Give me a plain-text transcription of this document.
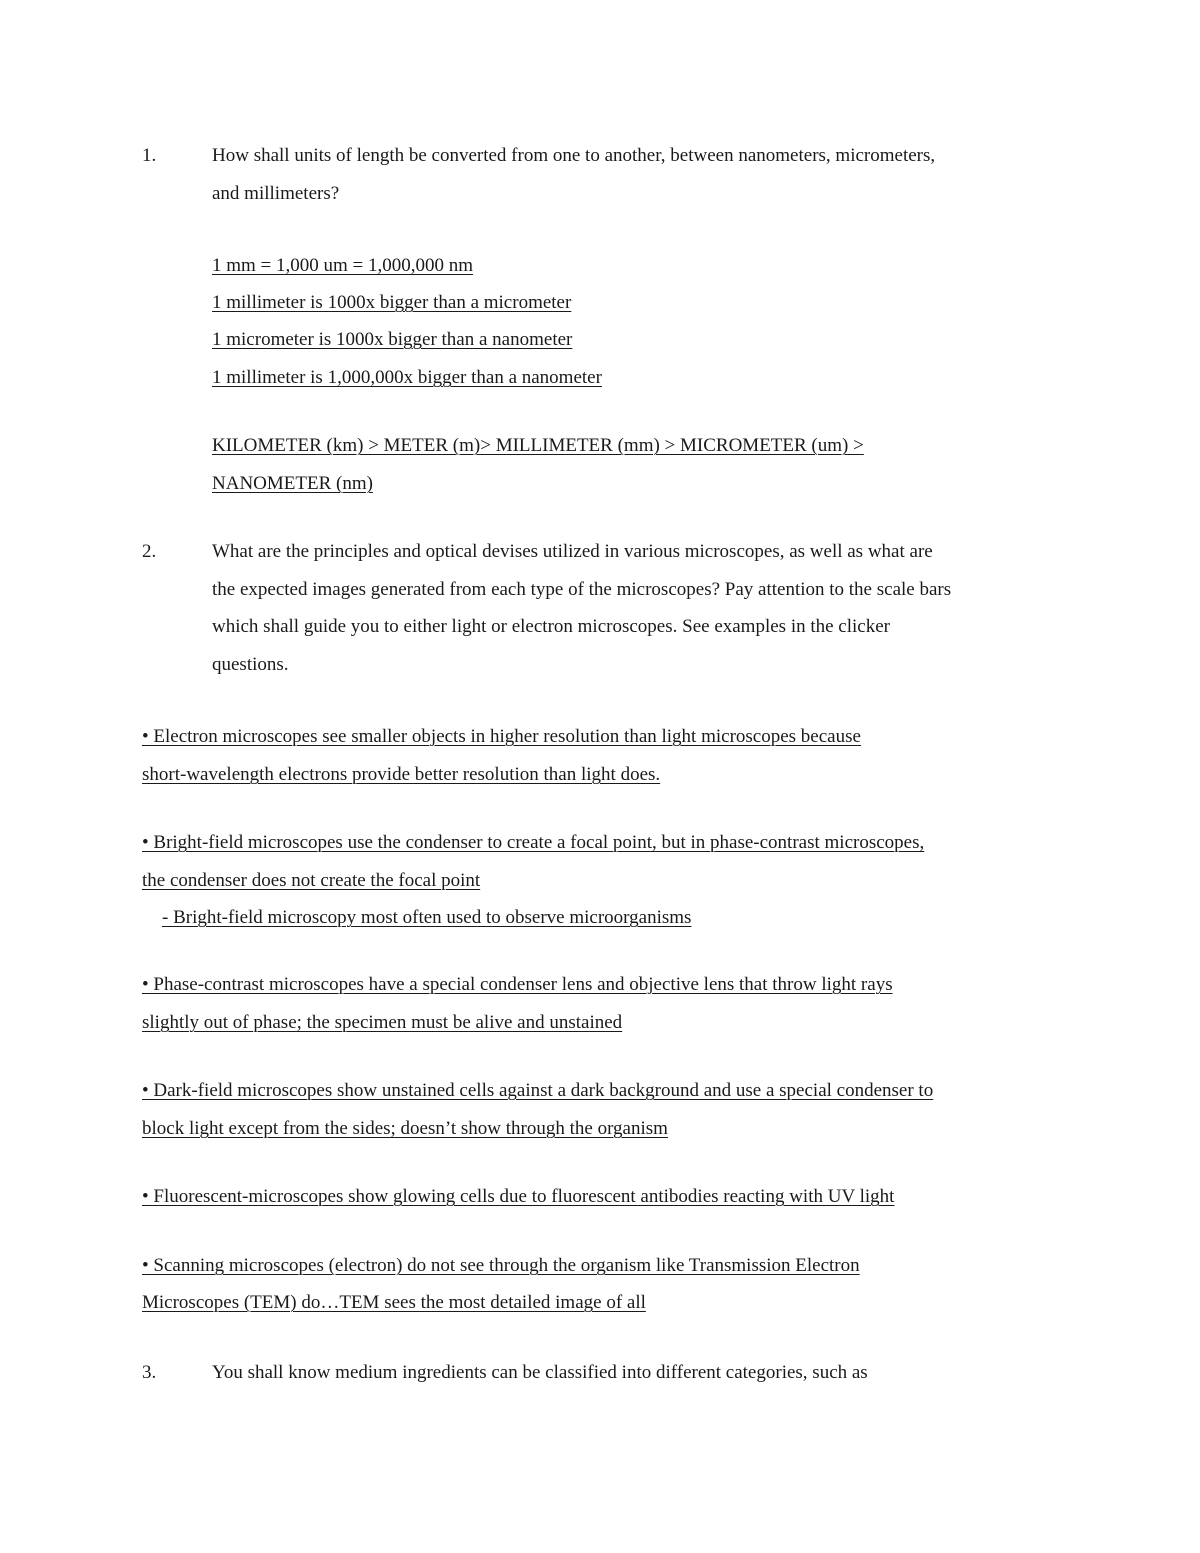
1.	How shall units of length be converted from one to another, between nanometers, micrometers,
and millimeters?
1 mm = 1,000 um = 1,000,000 nm
1 millimeter is 1000x bigger than a micrometer
1 micrometer is 1000x bigger than a nanometer
1 millimeter is 1,000,000x bigger than a nanometer
KILOMETER (km) > METER (m)> MILLIMETER (mm) > MICROMETER (um) >
NANOMETER (nm)
2.	What are the principles and optical devises utilized in various microscopes, as well as what are
the expected images generated from each type of the microscopes? Pay attention to the scale bars
which shall guide you to either light or electron microscopes. See examples in the clicker
questions.
• Electron microscopes see smaller objects in higher resolution than light microscopes because
short-wavelength electrons provide better resolution than light does.
• Bright-field microscopes use the condenser to create a focal point, but in phase-contrast microscopes,
the condenser does not create the focal point
- Bright-field microscopy most often used to observe microorganisms
• Phase-contrast microscopes have a special condenser lens and objective lens that throw light rays
slightly out of phase; the specimen must be alive and unstained
• Dark-field microscopes show unstained cells against a dark background and use a special condenser to
block light except from the sides; doesn’t show through the organism
• Fluorescent-microscopes show glowing cells due to fluorescent antibodies reacting with UV light
• Scanning microscopes (electron) do not see through the organism like Transmission Electron
Microscopes (TEM) do…TEM sees the most detailed image of all
3.	You shall know medium ingredients can be classified into different categories, such as
